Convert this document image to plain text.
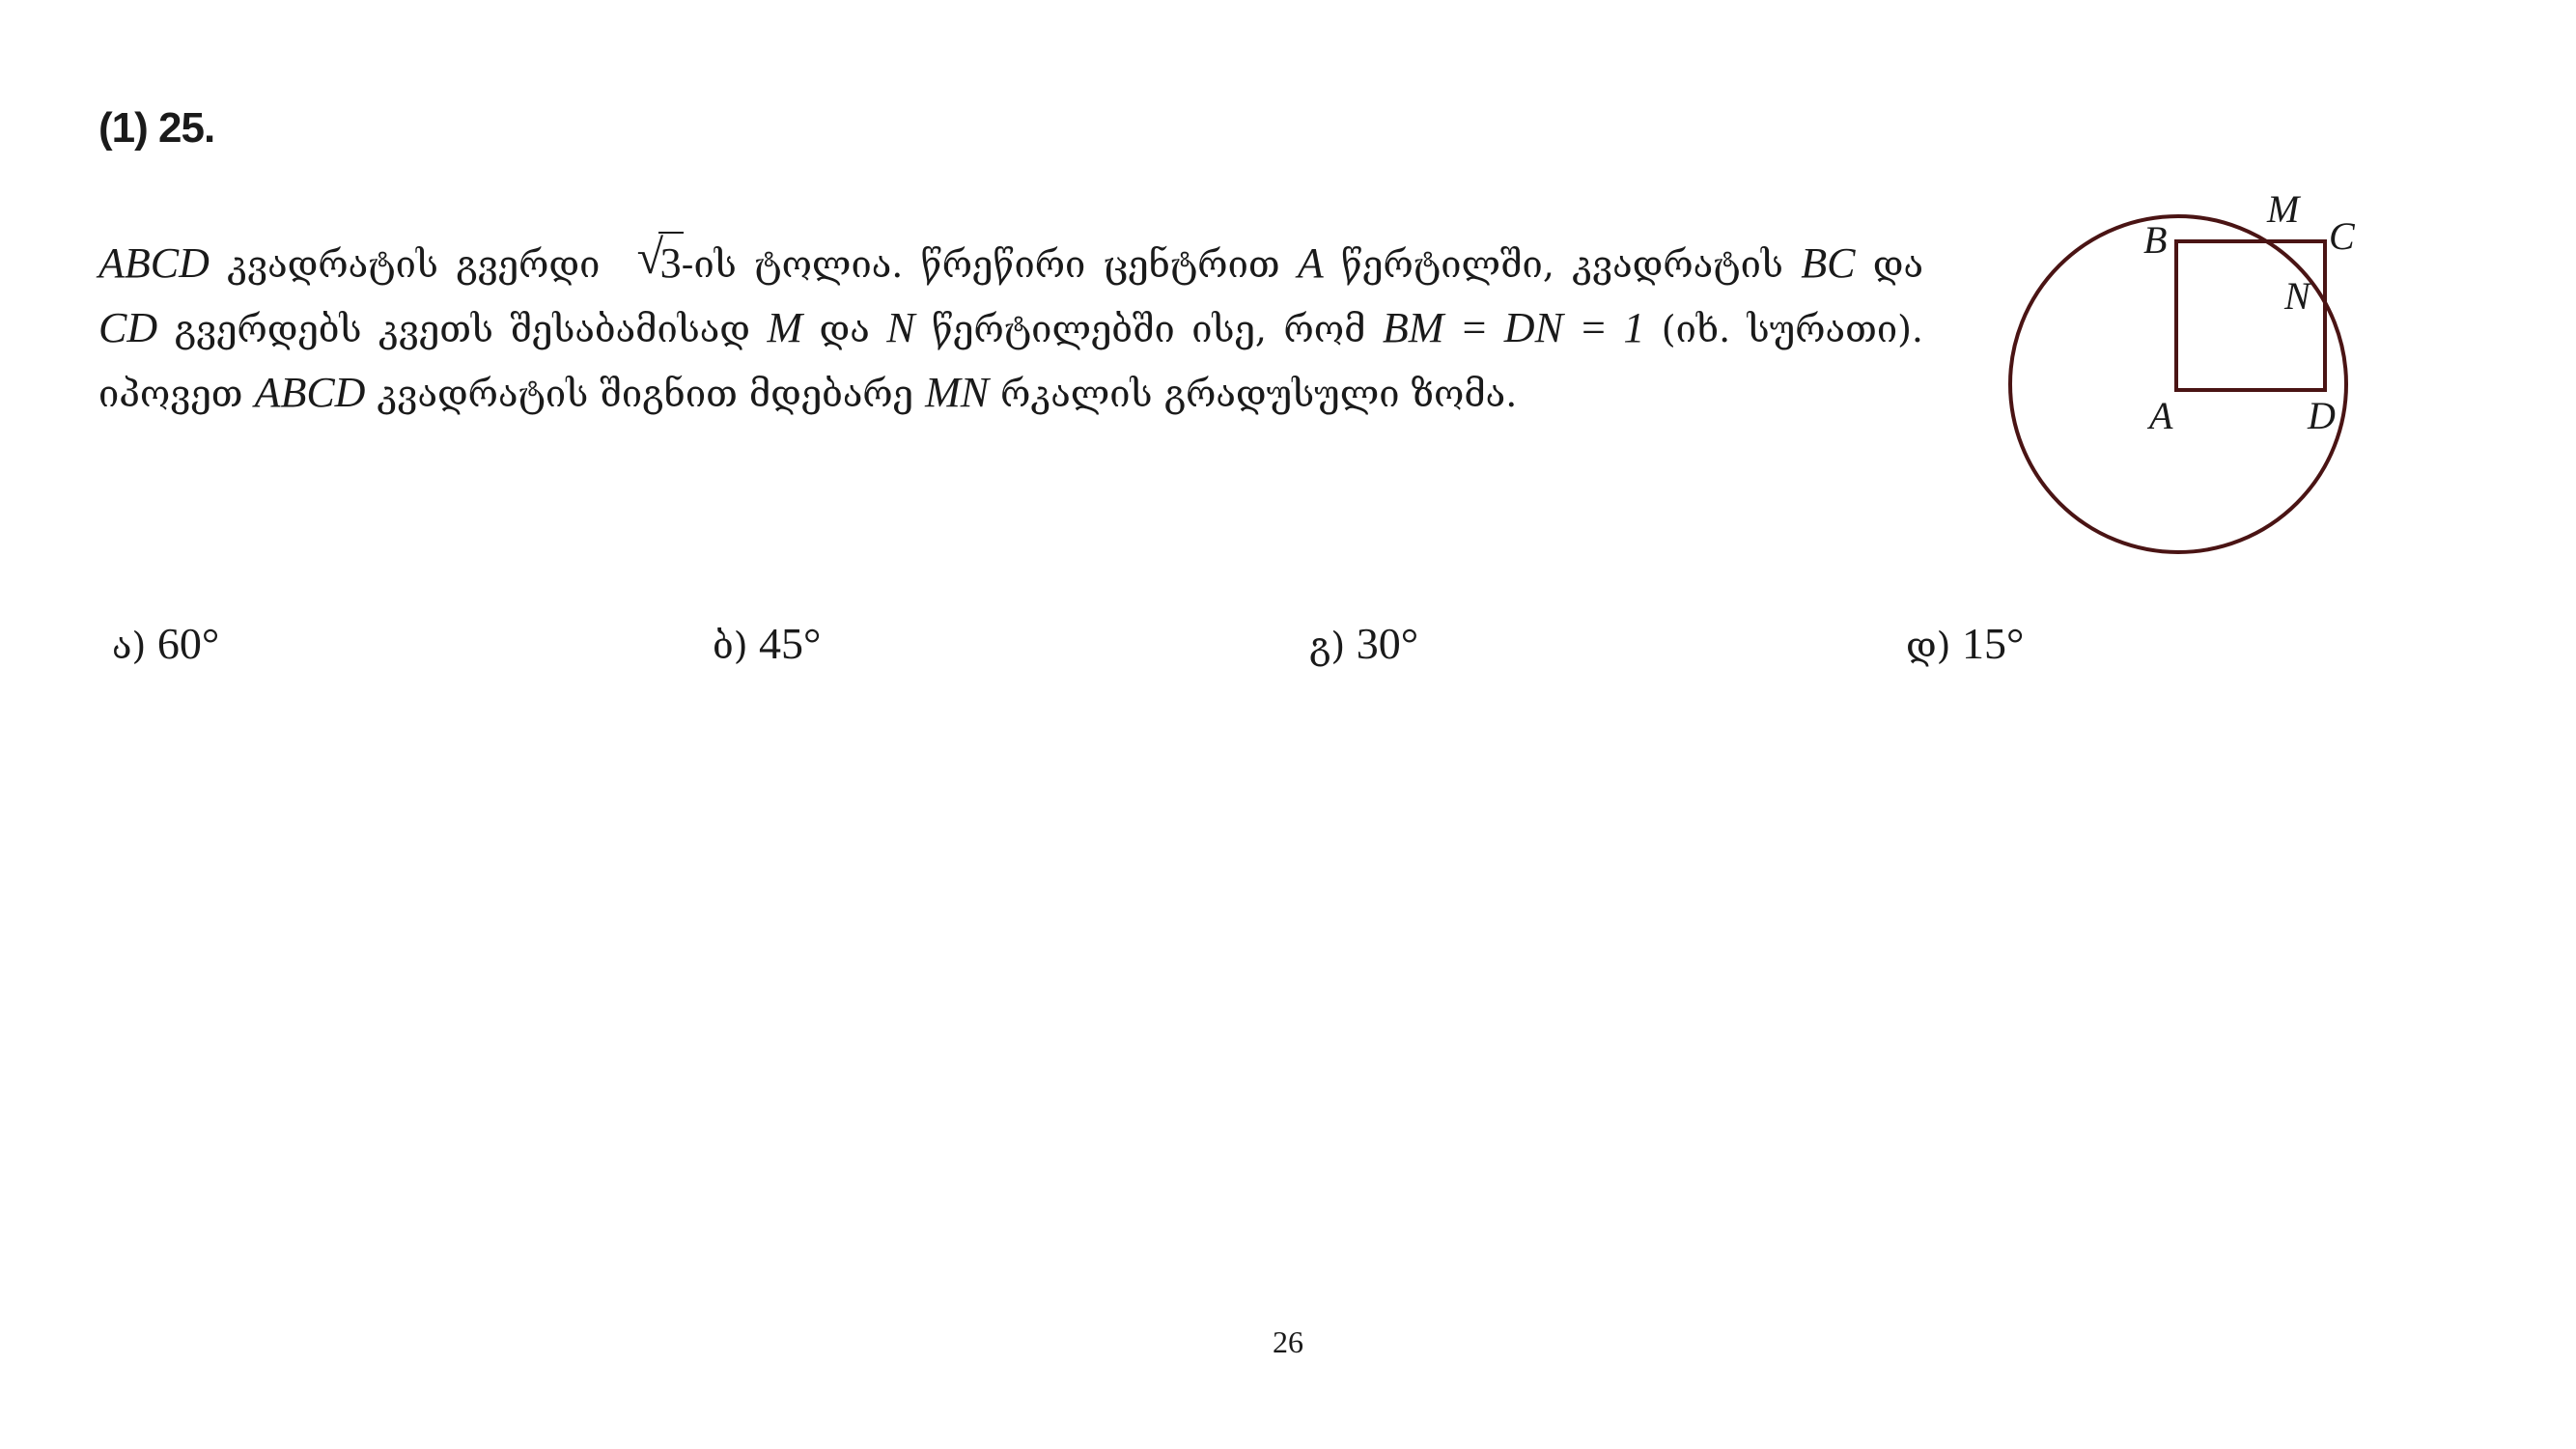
(1) 25.
ABCD კვადრატის გვერდი √
3-ის ტოლია. წრეწირი ცენტრით A წერტილში, კვადრატის BC და CD გვერდებს კვეთს შესაბამისად M და N წერტილებში ისე, რომ BM = DN = 1 (იხ. სურათი). იპოვეთ ABCD კვადრატის შიგნით მდებარე MN რკალის გრადუსული ზომა.
B
M
C
N
A	D
ა) 60°	ბ) 45°	გ) 30°	დ) 15°
26
